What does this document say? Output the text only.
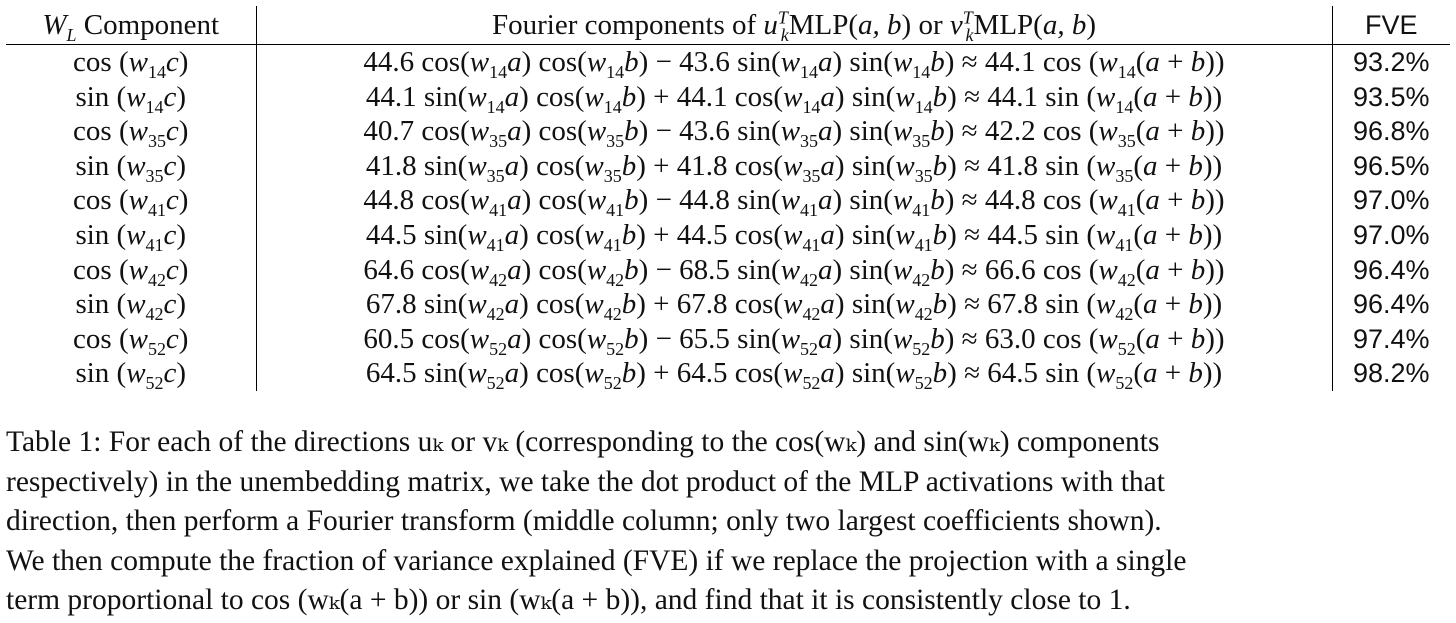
$W_L$ Component	Fourier components of $u^T_kMLP(a$, b) or $v^T_kMLP(a$, b)	FVE
$\cos (w_{14}c)$	44.6 $\cos(w_{14}a) \cos(w_{14}b) - 43.6$ $\sin(w_{14}a) \sin(w_{14}b) \approx 44.1$ $\cos (w_{14}(a + b))$	93.2%
$\sin (w_{14}c)$	44.1 $\sin(w_{14}a) \cos(w_{14}b) + 44.1$ $\cos(w_{14}a) \sin(w_{14}b) \approx 44.1$ $\sin (w_{14}(a + b))$	93.5%
$\cos (w_{35}c)$	40.7 $\cos(w_{35}a) \cos(w_{35}b) - 43.6$ $\sin(w_{35}a) \sin(w_{35}b) \approx 42.2$ $\cos (w_{35}(a + b))$	96.8%
$\sin (w_{35}c)$	41.8 $\sin(w_{35}a) \cos(w_{35}b) + 41.8$ $\cos(w_{35}a) \sin(w_{35}b) \approx 41.8$ $\sin (w_{35}(a + b))$	96.5%
$\cos (w_{41}c)$	44.8 $\cos(w_{41}a) \cos(w_{41}b) - 44.8$ $\sin(w_{41}a) \sin(w_{41}b) \approx 44.8$ $\cos (w_{41}(a + b))$	97.0%
$\sin (w_{41}c)$	44.5 $\sin(w_{41}a) \cos(w_{41}b) + 44.5$ $\cos(w_{41}a) \sin(w_{41}b) \approx 44.5$ $\sin (w_{41}(a + b))$	97.0%
$\cos (w_{42}c)$	64.6 $\cos(w_{42}a) \cos(w_{42}b) - 68.5$ $\sin(w_{42}a) \sin(w_{42}b) \approx 66.6$ $\cos (w_{42}(a + b))$	96.4%
$\sin (w_{42}c)$	67.8 $\sin(w_{42}a) \cos(w_{42}b) + 67.8$ $\cos(w_{42}a) \sin(w_{42}b) \approx 67.8$ $\sin (w_{42}(a + b))$	96.4%
$\cos (w_{52}c)$	60.5 $\cos(w_{52}a) \cos(w_{52}b) - 65.5$ $\sin(w_{52}a) \sin(w_{52}b) \approx 63.0$ $\cos (w_{52}(a + b))$	97.4%
$\sin (w_{52}c)$	64.5 $\sin(w_{52}a) \cos(w_{52}b) + 64.5$ $\cos(w_{52}a) \sin(w_{52}b) \approx 64.5$ $\sin (w_{52}(a + b))$	98.2%

Table 1: For each of the directions uₖ or vₖ (corresponding to the cos(wₖ) and sin(wₖ) components

respectively) in the unembedding matrix, we take the dot product of the MLP activations with that

direction, then perform a Fourier transform (middle column; only two largest coefficients shown).

We then compute the fraction of variance explained (FVE) if we replace the projection with a single

term proportional to cos (wₖ(a + b)) or sin (wₖ(a + b)), and find that it is consistently close to 1.
